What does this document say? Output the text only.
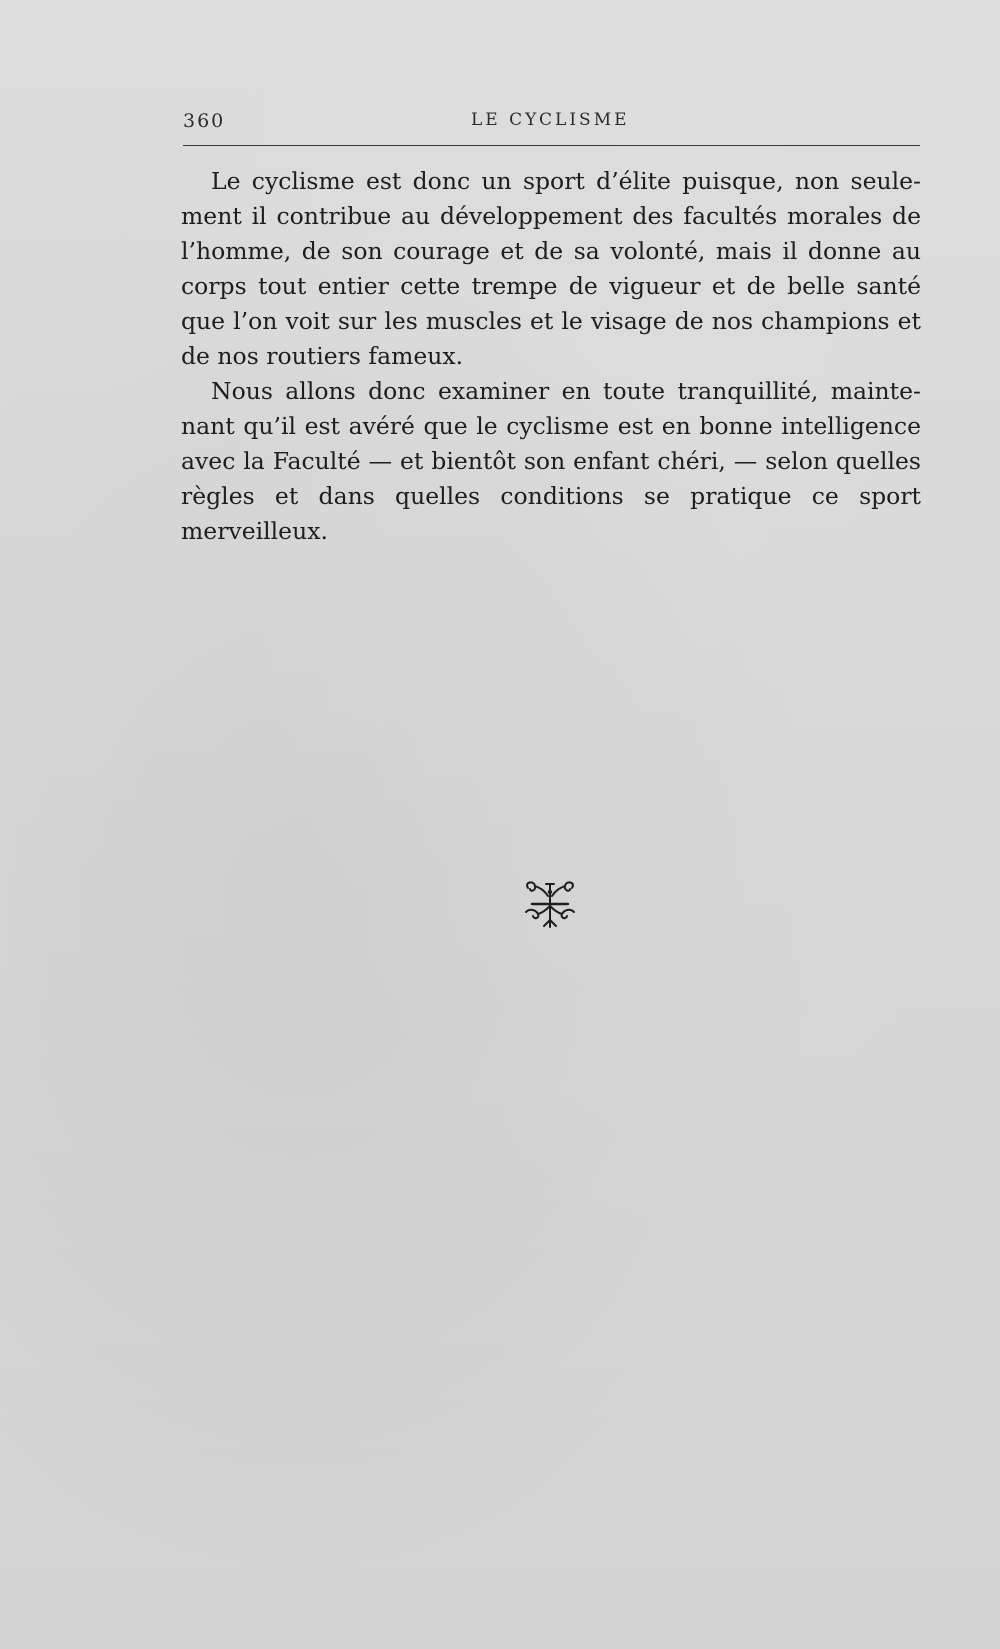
360	LE CYCLISME

Le cyclisme est donc un sport d’élite puisque, non seulement il contribue au développement des facultés morales de l’homme, de son courage et de sa volonté, mais il donne au corps tout entier cette trempe de vigueur et de belle santé que l’on voit sur les muscles et le visage de nos champions et de nos routiers fameux.

Nous allons donc examiner en toute tranquillité, maintenant qu’il est avéré que le cyclisme est en bonne intelligence avec la Faculté — et bientôt son enfant chéri, — selon quelles règles et dans quelles conditions se pratique ce sport merveilleux.
